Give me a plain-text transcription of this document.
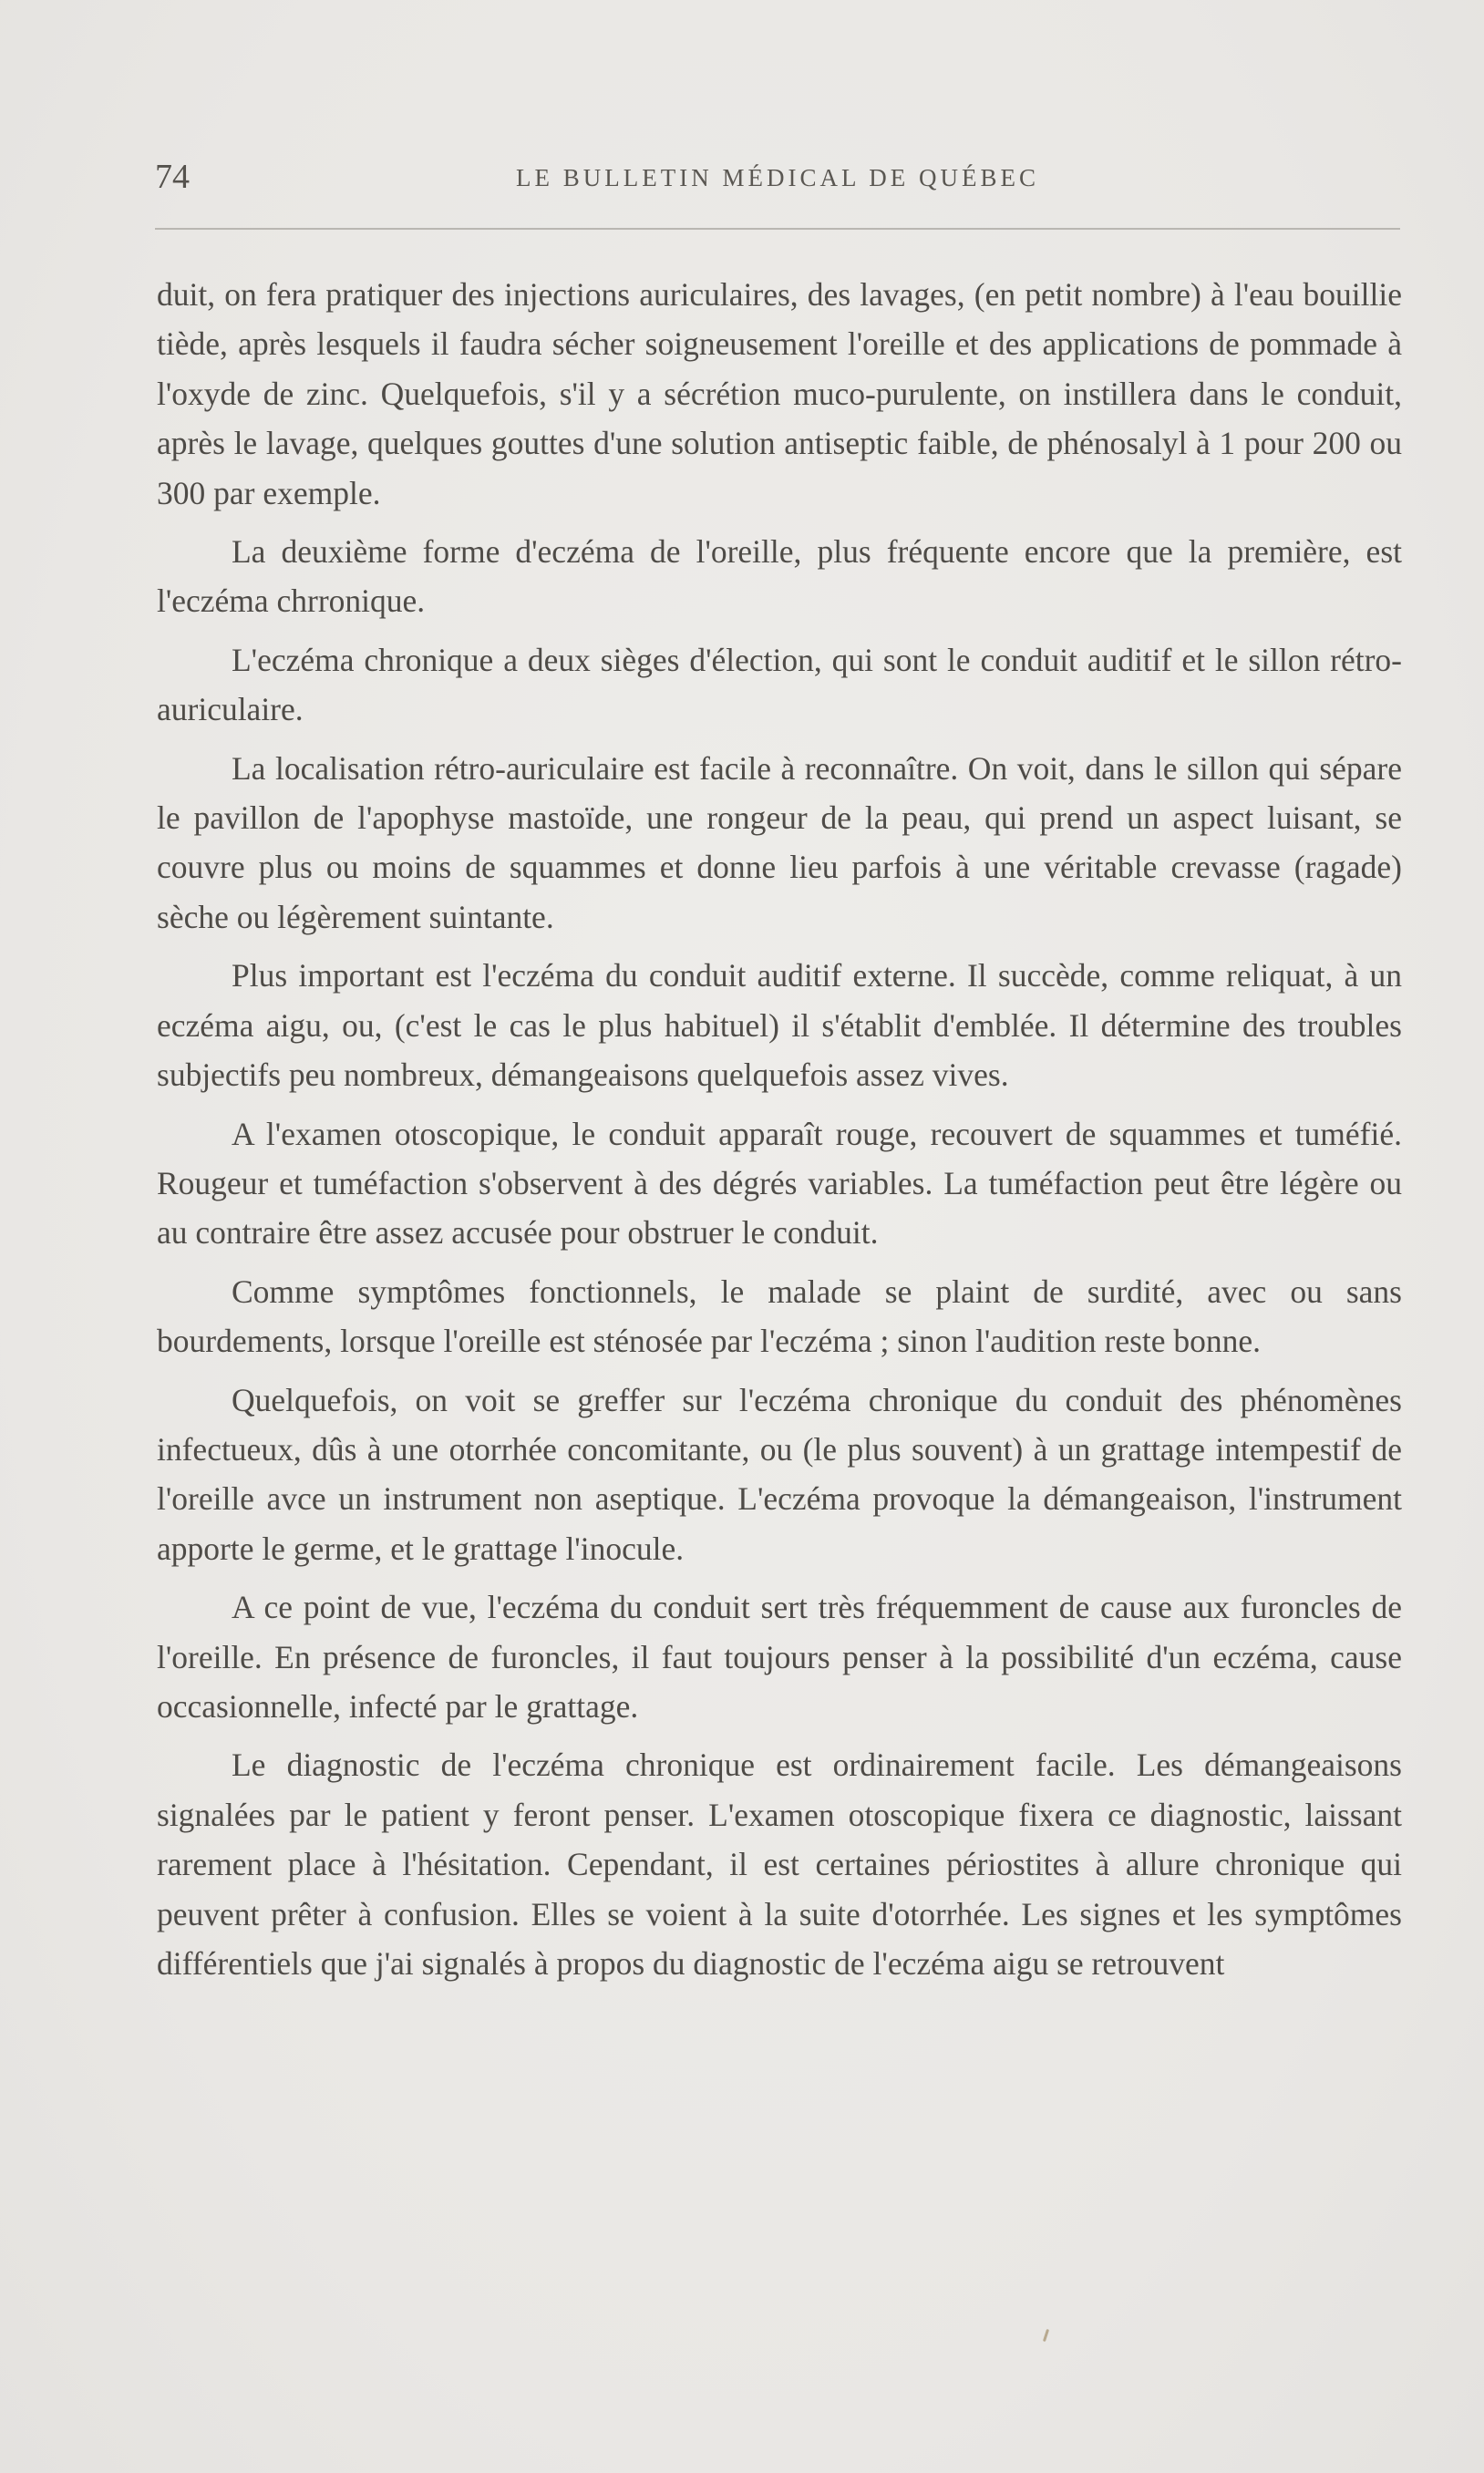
74	LE BULLETIN MÉDICAL DE QUÉBEC

duit, on fera pratiquer des injections auriculaires, des lavages, (en petit nombre) à l'eau bouillie tiède, après lesquels il faudra sécher soigneusement l'oreille et des applications de pommade à l'oxyde de zinc. Quelquefois, s'il y a sécrétion muco-purulente, on instillera dans le conduit, après le lavage, quelques gouttes d'une solution antiseptic faible, de phénosalyl à 1 pour 200 ou 300 par exemple.

La deuxième forme d'eczéma de l'oreille, plus fréquente encore que la première, est l'eczéma chrronique.

L'eczéma chronique a deux sièges d'élection, qui sont le conduit auditif et le sillon rétro-auriculaire.

La localisation rétro-auriculaire est facile à reconnaître. On voit, dans le sillon qui sépare le pavillon de l'apophyse mastoïde, une rongeur de la peau, qui prend un aspect luisant, se couvre plus ou moins de squammes et donne lieu parfois à une véritable crevasse (ragade) sèche ou légèrement suintante.

Plus important est l'eczéma du conduit auditif externe. Il succède, comme reliquat, à un eczéma aigu, ou, (c'est le cas le plus habituel) il s'établit d'emblée. Il détermine des troubles subjectifs peu nombreux, démangeaisons quelquefois assez vives.

A l'examen otoscopique, le conduit apparaît rouge, recouvert de squammes et tuméfié. Rougeur et tuméfaction s'observent à des dégrés variables. La tuméfaction peut être légère ou au contraire être assez accusée pour obstruer le conduit.

Comme symptômes fonctionnels, le malade se plaint de surdité, avec ou sans bourdements, lorsque l'oreille est sténosée par l'eczéma ; sinon l'audition reste bonne.

Quelquefois, on voit se greffer sur l'eczéma chronique du conduit des phénomènes infectueux, dûs à une otorrhée concomitante, ou (le plus souvent) à un grattage intempestif de l'oreille avce un instrument non aseptique. L'eczéma provoque la démangeaison, l'instrument apporte le germe, et le grattage l'inocule.

A ce point de vue, l'eczéma du conduit sert très fréquemment de cause aux furoncles de l'oreille. En présence de furoncles, il faut toujours penser à la possibilité d'un eczéma, cause occasionnelle, infecté par le grattage.

Le diagnostic de l'eczéma chronique est ordinairement facile. Les démangeaisons signalées par le patient y feront penser. L'examen otoscopique fixera ce diagnostic, laissant rarement place à l'hésitation. Cependant, il est certaines périostites à allure chronique qui peuvent prêter à confusion. Elles se voient à la suite d'otorrhée. Les signes et les symptômes différentiels que j'ai signalés à propos du diagnostic de l'eczéma aigu se retrouvent
